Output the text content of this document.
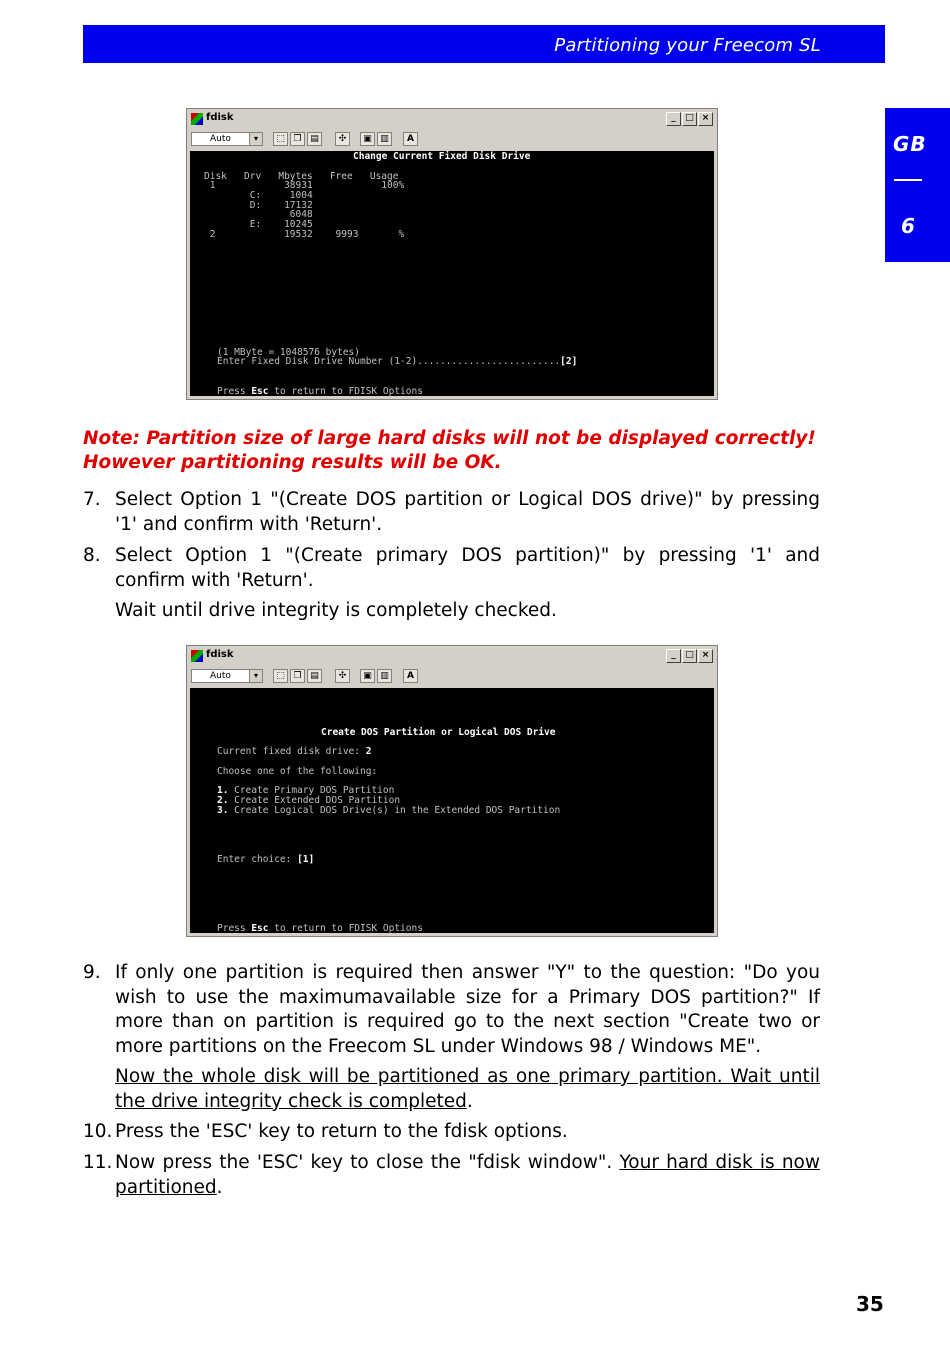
Partitioning your Freecom SL
GB
6
fdisk	_ □ ×
Auto	▾	⬚ ❐ ▤	✣	▣ ▥	A
Change Current Fixed Disk Drive
Disk   Drv   Mbytes   Free   Usage
1            38931            100%
C:     1004
D:    17132
6048
E:    10245
2            19532    9993       %
(1 MByte = 1048576 bytes)
Enter Fixed Disk Drive Number (1-2).........................[2]
Press Esc to return to FDISK Options
Note: Partition size of large hard disks will not be displayed correctly!
However partitioning results will be OK.
7. Select Option 1 "(Create DOS partition or Logical DOS drive)" by pressing '1' and confirm with 'Return'.
8. Select Option 1 "(Create primary DOS partition)" by pressing '1' and confirm with 'Return'.
Wait until drive integrity is completely checked.
fdisk	_ □ ×
Auto	▾	⬚ ❐ ▤	✣	▣ ▥	A
Create DOS Partition or Logical DOS Drive
Current fixed disk drive: 2
Choose one of the following:
1. Create Primary DOS Partition
2. Create Extended DOS Partition
3. Create Logical DOS Drive(s) in the Extended DOS Partition
Enter choice: [1]
Press Esc to return to FDISK Options
9. If only one partition is required then answer "Y" to the question: "Do you wish to use the maximumavailable size for a Primary DOS partition?" If more than on partition is required go to the next section "Create two or more partitions on the Freecom SL under Windows 98 / Windows ME".
Now the whole disk will be partitioned as one primary partition. Wait until the drive integrity check is completed.
10. Press the 'ESC' key to return to the fdisk options.
11. Now press the 'ESC' key to close the "fdisk window". Your hard disk is now partitioned.
35
